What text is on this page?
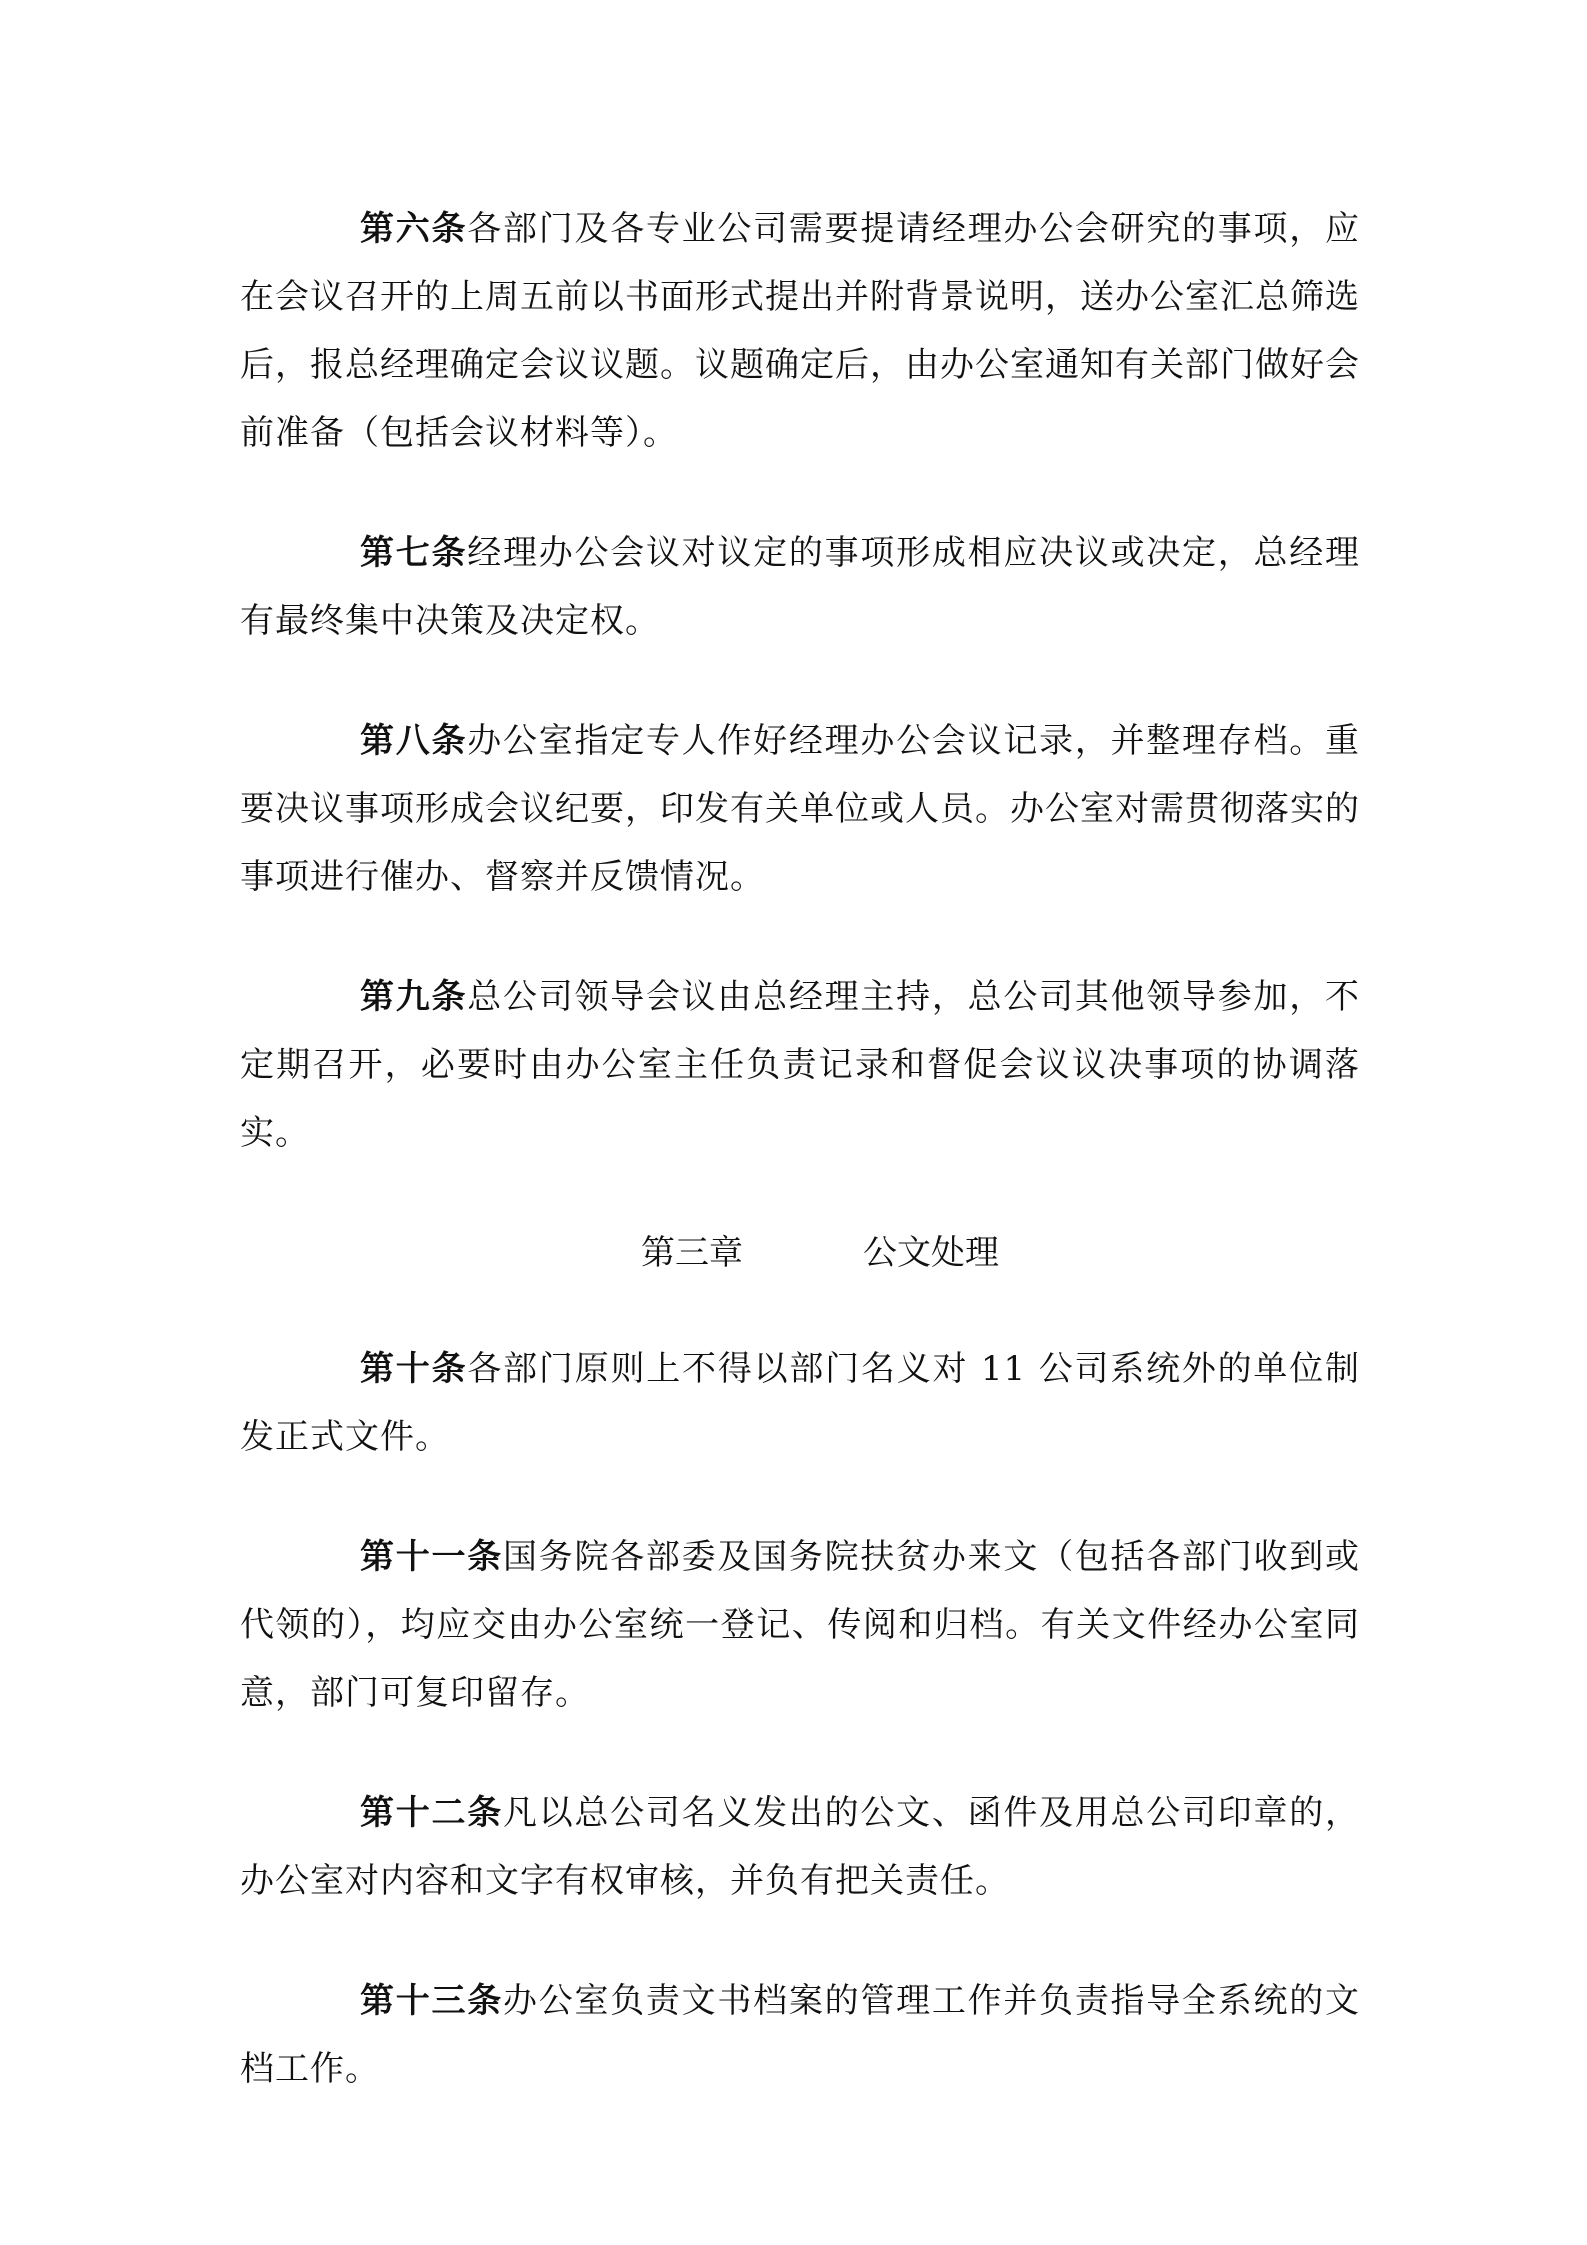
第六条各部门及各专业公司需要提请经理办公会研究的事项，应在会议召开的上周五前以书面形式提出并附背景说明，送办公室汇总筛选后，报总经理确定会议议题。议题确定后，由办公室通知有关部门做好会前准备（包括会议材料等）。

第七条经理办公会议对议定的事项形成相应决议或决定，总经理有最终集中决策及决定权。

第八条办公室指定专人作好经理办公会议记录，并整理存档。重要决议事项形成会议纪要，印发有关单位或人员。办公室对需贯彻落实的事项进行催办、督察并反馈情况。

第九条总公司领导会议由总经理主持，总公司其他领导参加，不定期召开，必要时由办公室主任负责记录和督促会议议决事项的协调落实。

第三章	公文处理

第十条各部门原则上不得以部门名义对 11 公司系统外的单位制发正式文件。

第十一条国务院各部委及国务院扶贫办来文（包括各部门收到或代领的），均应交由办公室统一登记、传阅和归档。有关文件经办公室同意，部门可复印留存。

第十二条凡以总公司名义发出的公文、函件及用总公司印章的，办公室对内容和文字有权审核，并负有把关责任。

第十三条办公室负责文书档案的管理工作并负责指导全系统的文档工作。
